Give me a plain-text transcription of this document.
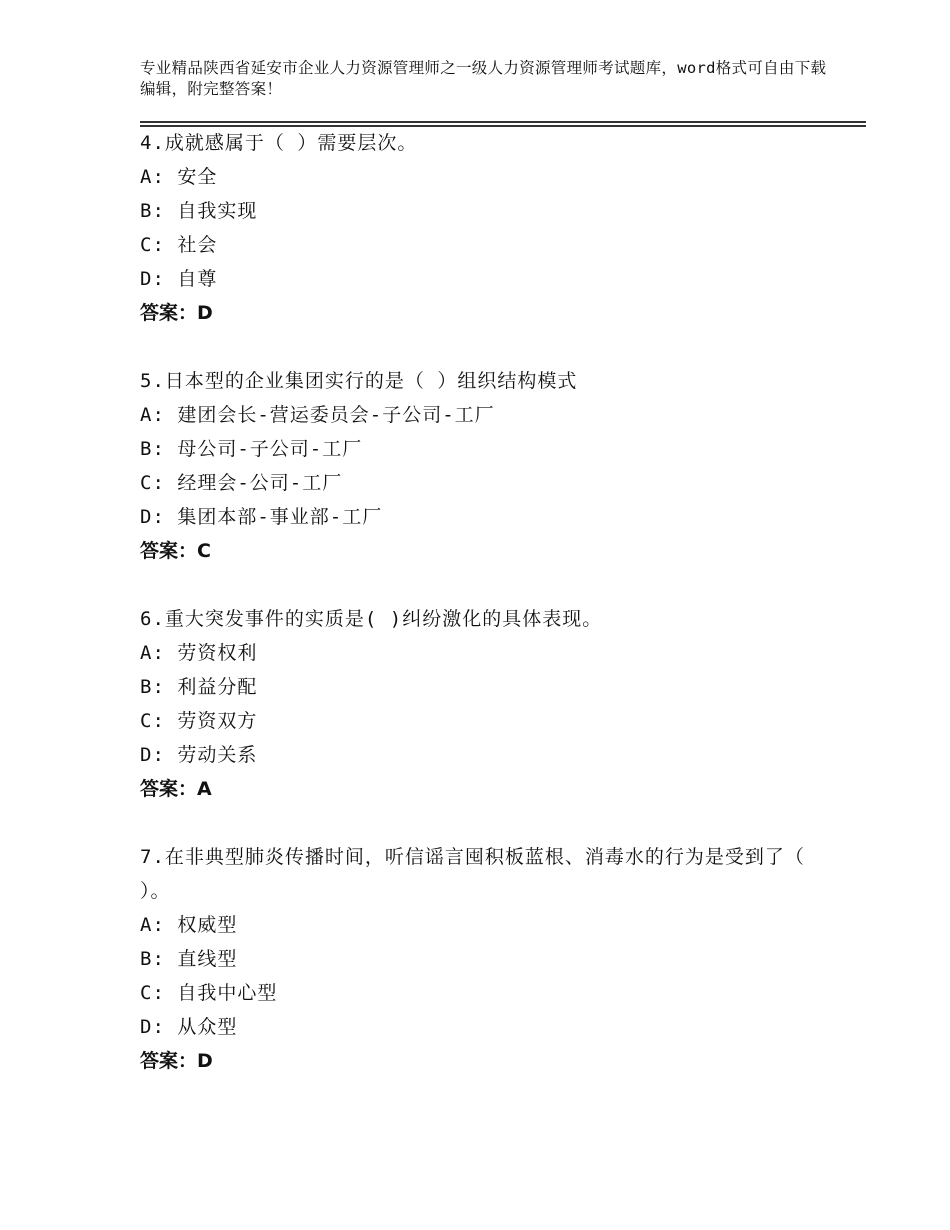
专业精品陕西省延安市企业人力资源管理师之一级人力资源管理师考试题库，word格式可自由下载编辑，附完整答案！
4.成就感属于（ ）需要层次。
A: 安全
B: 自我实现
C: 社会
D: 自尊
答案：D
5.日本型的企业集团实行的是（ ）组织结构模式
A: 建团会长-营运委员会-子公司-工厂
B: 母公司-子公司-工厂
C: 经理会-公司-工厂
D: 集团本部-事业部-工厂
答案：C
6.重大突发事件的实质是( )纠纷激化的具体表现。
A: 劳资权利
B: 利益分配
C: 劳资双方
D: 劳动关系
答案：A
7.在非典型肺炎传播时间，听信谣言囤积板蓝根、消毒水的行为是受到了（ ）。
A: 权威型
B: 直线型
C: 自我中心型
D: 从众型
答案：D
